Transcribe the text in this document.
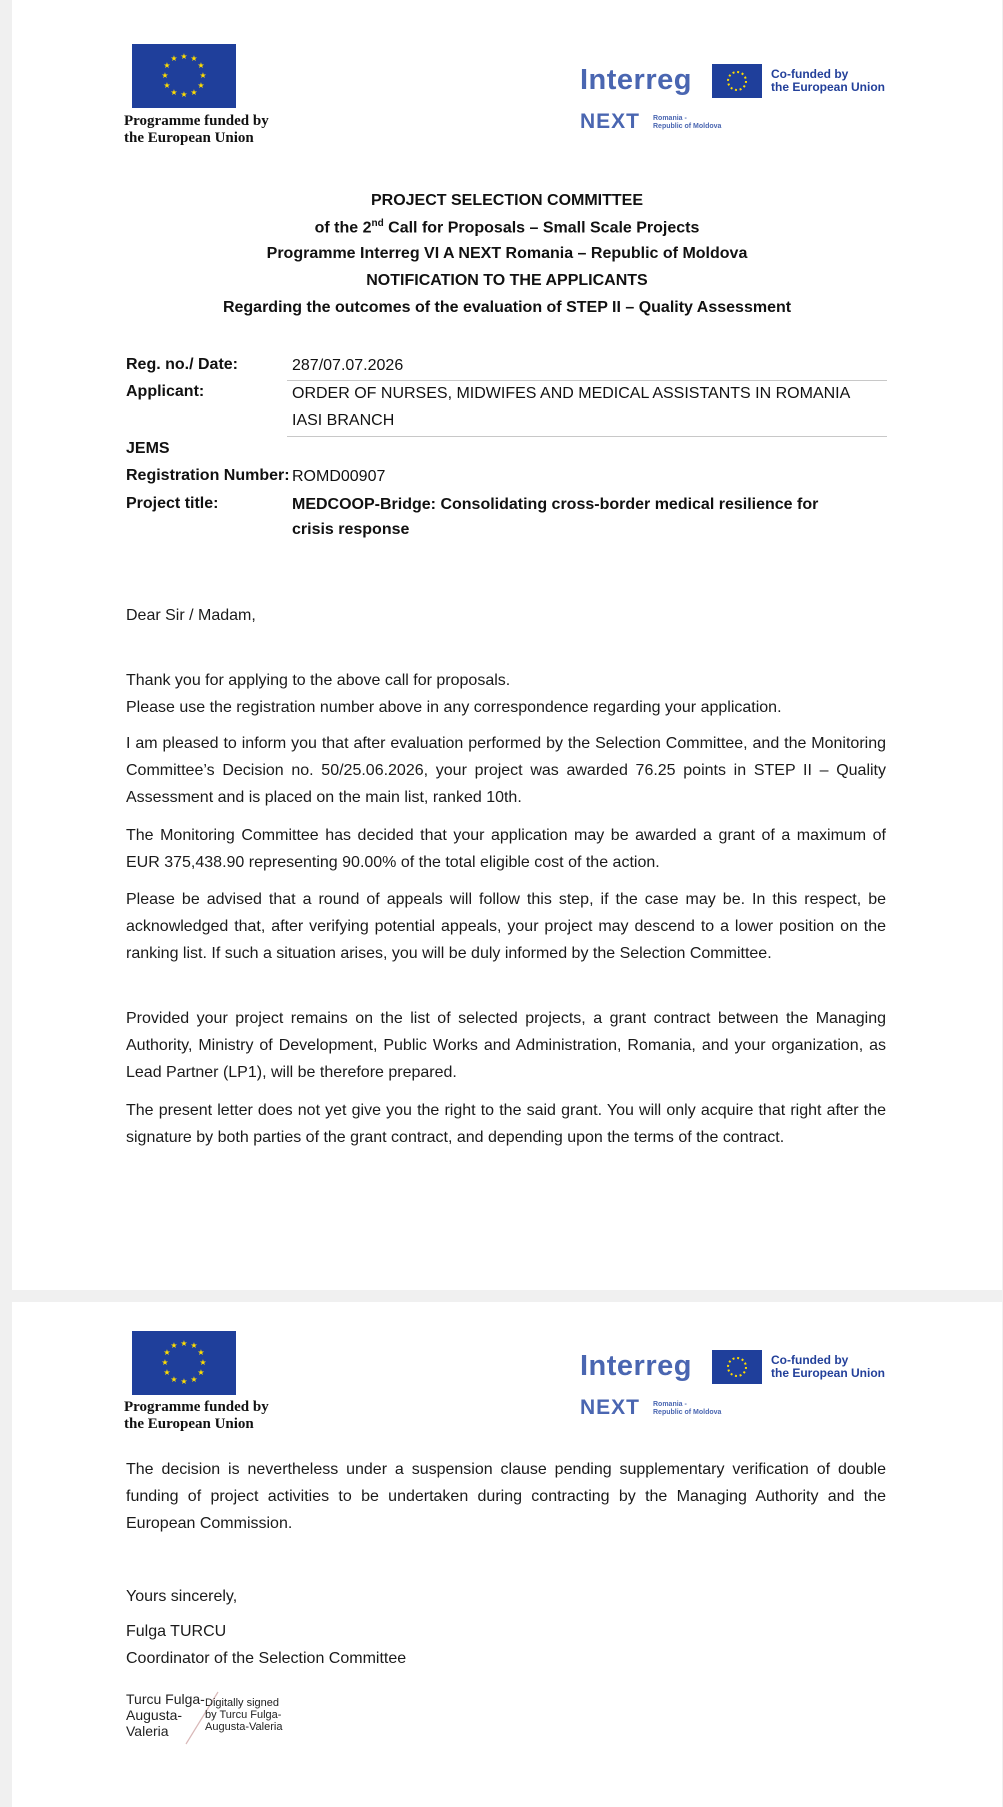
★ ★
★
★
★
★
★
★
★
★
★
★
Programme funded by
the European Union
Interreg	Co-funded by
the European Union
NEXT Romania -
Republic of Moldova
PROJECT SELECTION COMMITTEE
of the 2nd Call for Proposals – Small Scale Projects
Programme Interreg VI A NEXT Romania – Republic of Moldova
NOTIFICATION TO THE APPLICANTS
Regarding the outcomes of the evaluation of STEP II – Quality Assessment
Reg. no./ Date:	287/07.07.2026
Applicant:	ORDER OF NURSES, MIDWIFES AND MEDICAL ASSISTANTS IN ROMANIA
IASI BRANCH
JEMS
Registration Number: ROMD00907
Project title:	MEDCOOP-Bridge: Consolidating cross-border medical resilience for
crisis response
Dear Sir / Madam,
Thank you for applying to the above call for proposals.
Please use the registration number above in any correspondence regarding your application.
I am pleased to inform you that after evaluation performed by the Selection Committee, and the Monitoring Committee’s Decision no. 50/25.06.2026, your project was awarded 76.25 points in STEP II – Quality Assessment and is placed on the main list, ranked 10th.
The Monitoring Committee has decided that your application may be awarded a grant of a maximum of EUR 375,438.90 representing 90.00% of the total eligible cost of the action.
Please be advised that a round of appeals will follow this step, if the case may be. In this respect, be acknowledged that, after verifying potential appeals, your project may descend to a lower position on the ranking list. If such a situation arises, you will be duly informed by the Selection Committee.
Provided your project remains on the list of selected projects, a grant contract between the Managing Authority, Ministry of Development, Public Works and Administration, Romania, and your organization, as Lead Partner (LP1), will be therefore prepared.
The present letter does not yet give you the right to the said grant. You will only acquire that right after the signature by both parties of the grant contract, and depending upon the terms of the contract.
★ ★
★
★
★
★
★
★
★
★
★
★
Programme funded by
the European Union
Interreg	Co-funded by
the European Union
NEXT Romania -
Republic of Moldova
The decision is nevertheless under a suspension clause pending supplementary verification of double funding of project activities to be undertaken during contracting by the Managing Authority and the European Commission.
Yours sincerely,
Fulga TURCU
Coordinator of the Selection Committee
Turcu Fulga-
Augusta-
Valeria
Digitally signed
by Turcu Fulga-
Augusta-Valeria
